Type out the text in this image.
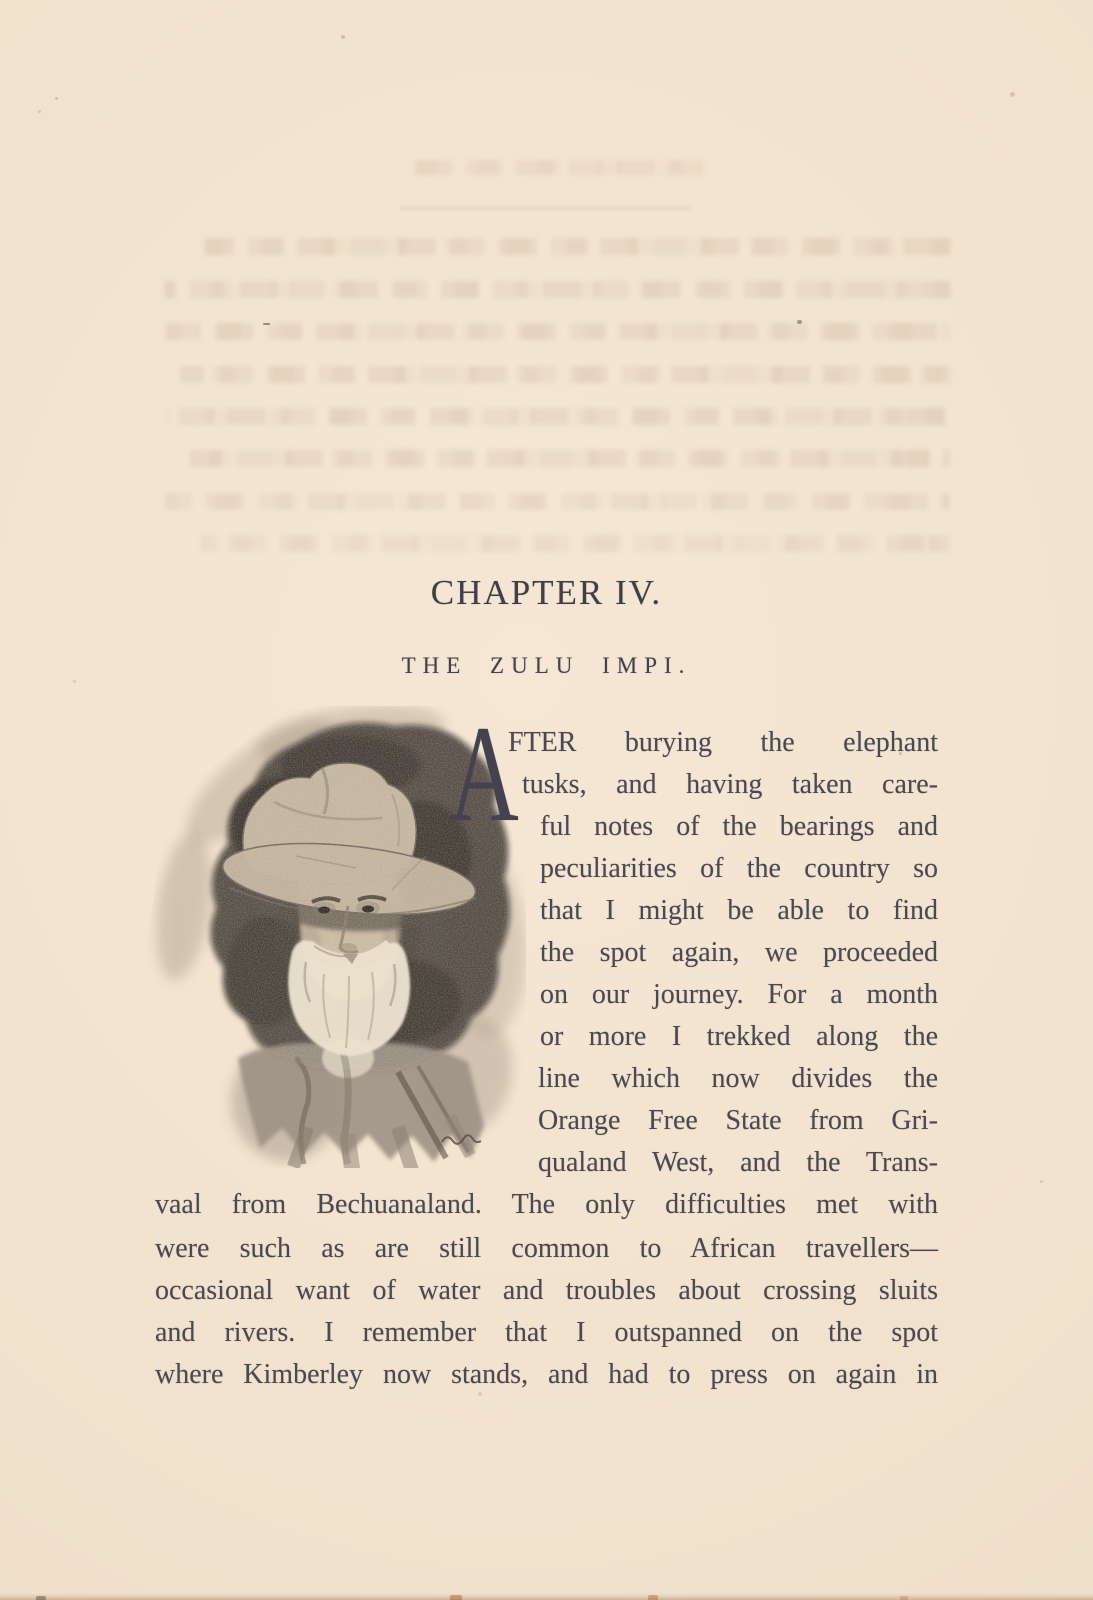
CHAPTER IV.
THE ZULU IMPI.
A
FTER burying the elephant
tusks, and having taken care-
ful notes of the bearings and
peculiarities of the country so
that I might be able to find
the spot again, we proceeded
on our journey. For a month
or more I trekked along the
line which now divides the
Orange Free State from Gri-
qualand West, and the Trans-
vaal from Bechuanaland. The only difficulties met with
were such as are still common to African travellers—
occasional want of water and troubles about crossing sluits
and rivers. I remember that I outspanned on the spot
where Kimberley now stands, and had to press on again in
